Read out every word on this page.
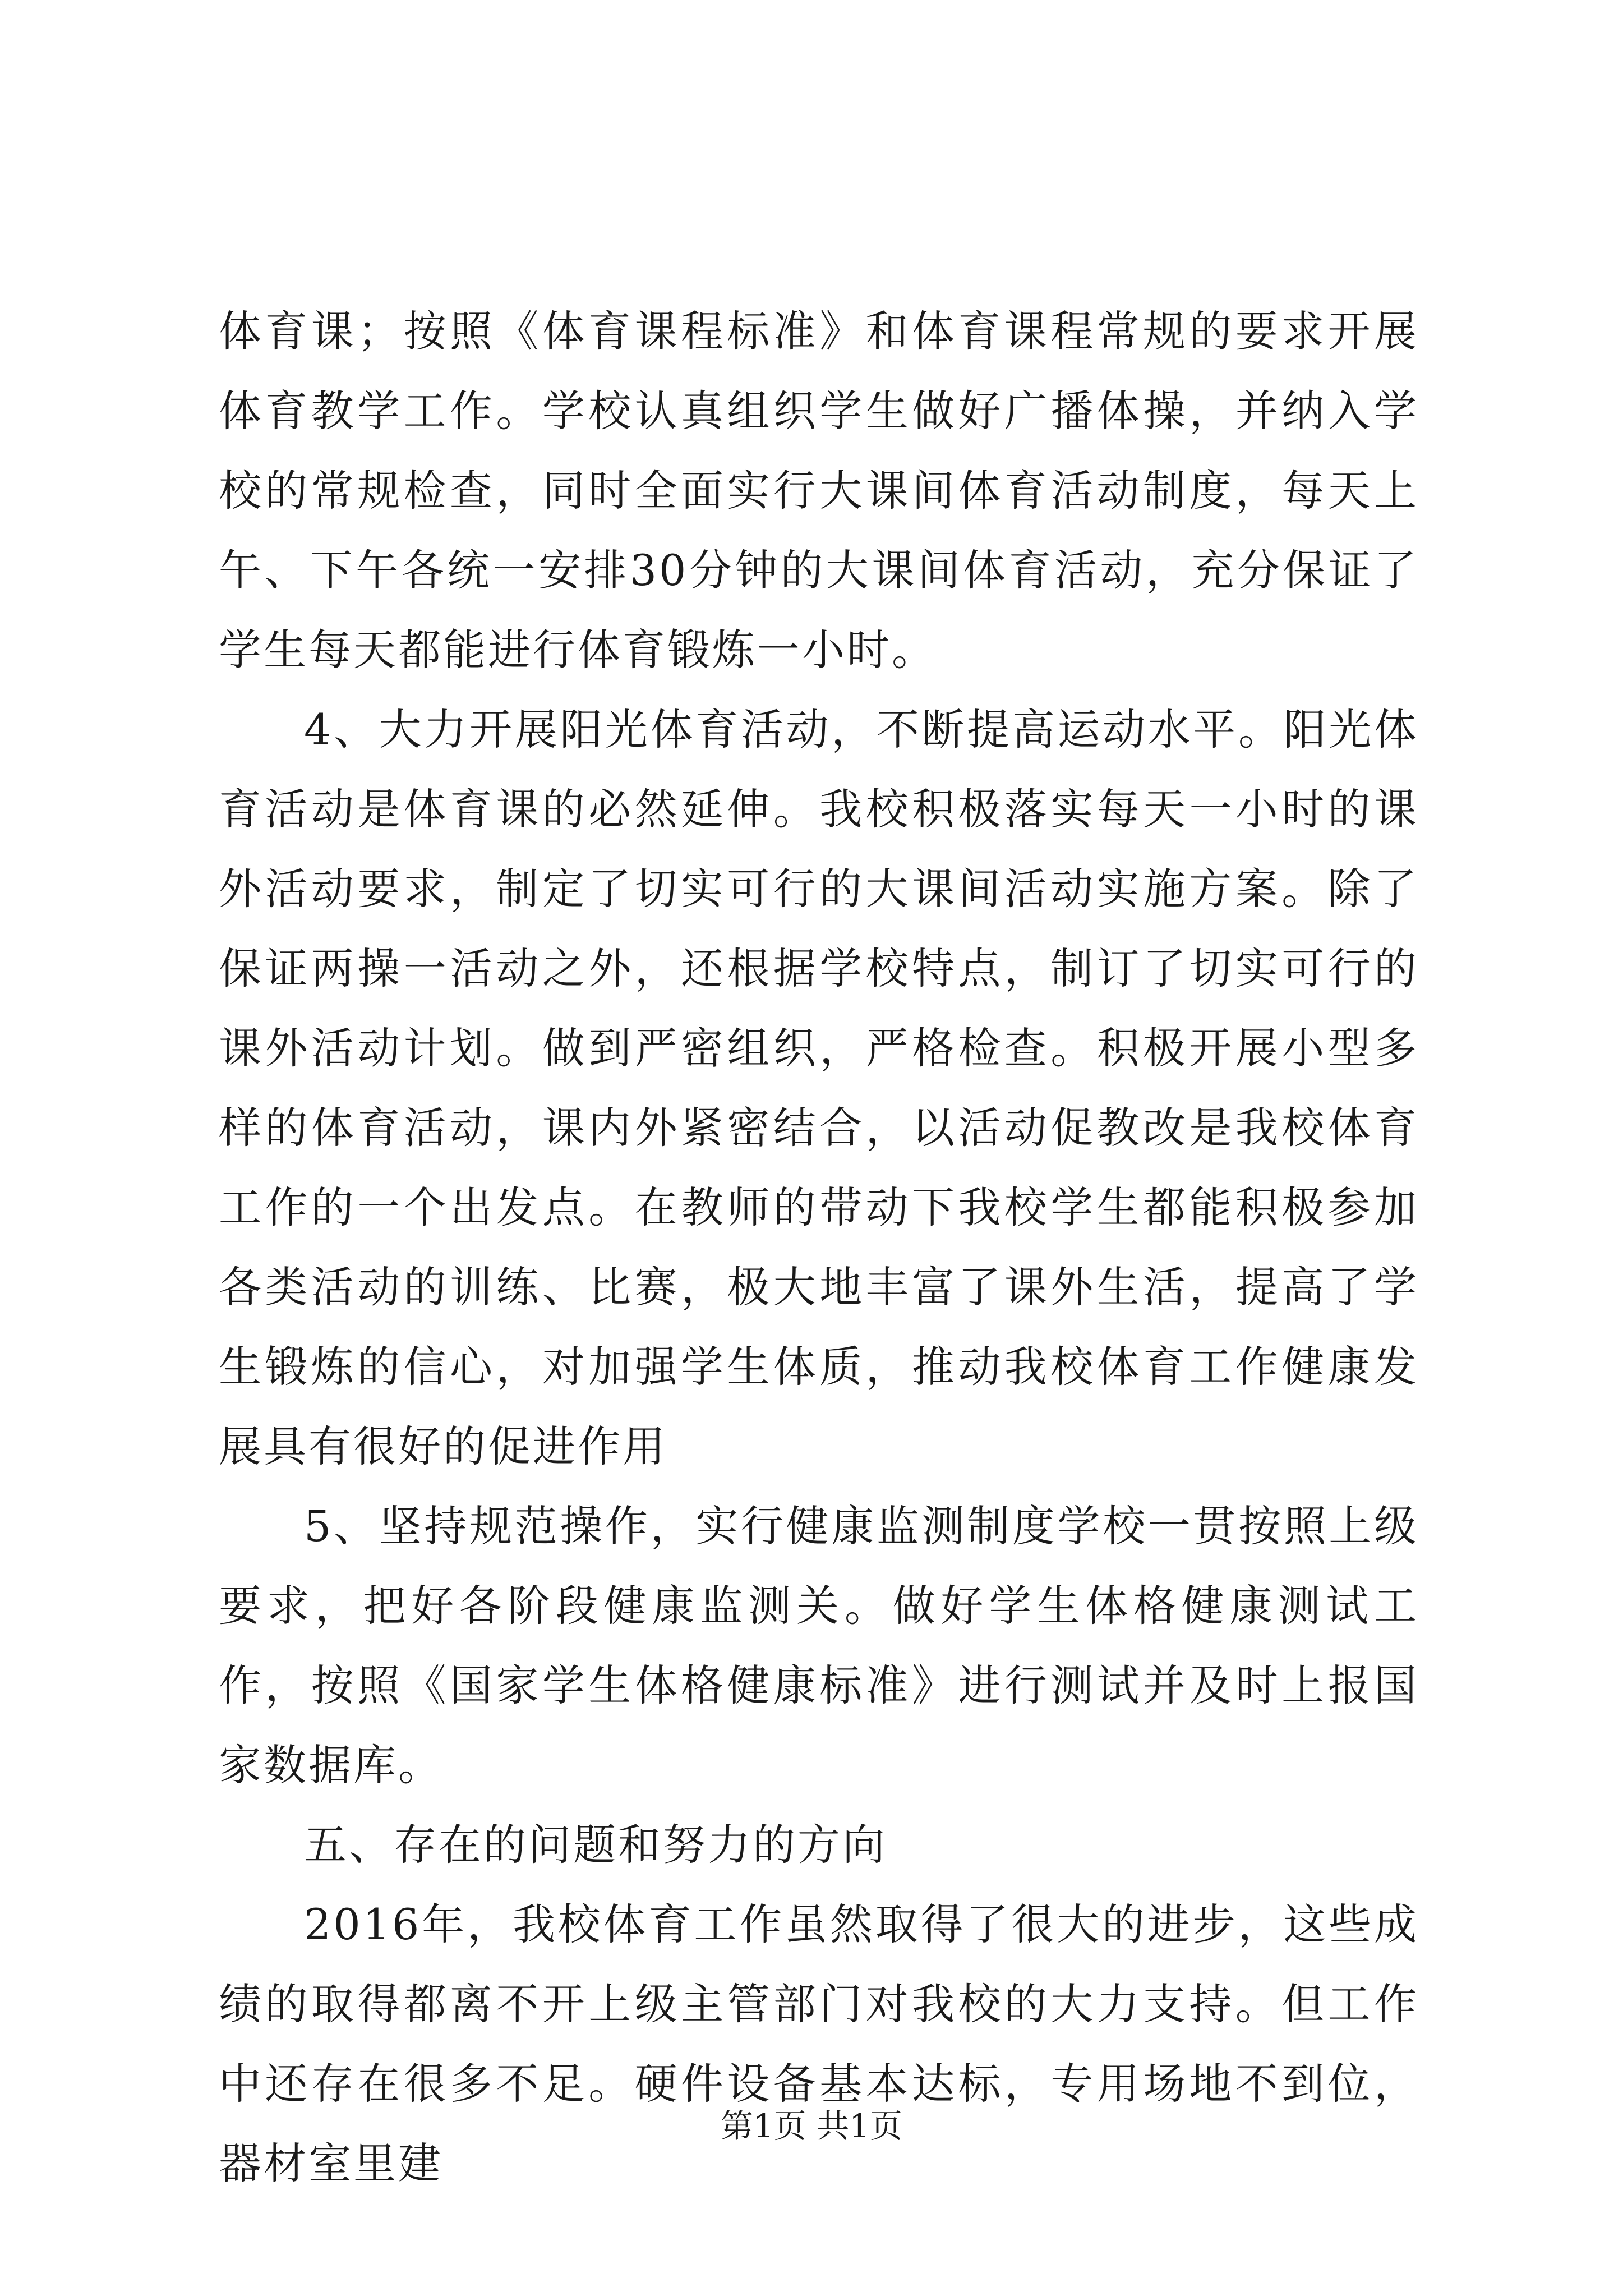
体育课；按照《体育课程标准》和体育课程常规的要求开展体育教学工作。学校认真组织学生做好广播体操，并纳入学校的常规检查，同时全面实行大课间体育活动制度，每天上午、下午各统一安排30分钟的大课间体育活动，充分保证了学生每天都能进行体育锻炼一小时。

4、大力开展阳光体育活动，不断提高运动水平。阳光体育活动是体育课的必然延伸。我校积极落实每天一小时的课外活动要求，制定了切实可行的大课间活动实施方案。除了保证两操一活动之外，还根据学校特点，制订了切实可行的课外活动计划。做到严密组织，严格检查。积极开展小型多样的体育活动，课内外紧密结合，以活动促教改是我校体育工作的一个出发点。在教师的带动下我校学生都能积极参加各类活动的训练、比赛，极大地丰富了课外生活，提高了学生锻炼的信心，对加强学生体质，推动我校体育工作健康发展具有很好的促进作用

5、坚持规范操作，实行健康监测制度学校一贯按照上级要求，把好各阶段健康监测关。做好学生体格健康测试工作，按照《国家学生体格健康标准》进行测试并及时上报国家数据库。

五、存在的问题和努力的方向

2016年，我校体育工作虽然取得了很大的进步，这些成绩的取得都离不开上级主管部门对我校的大力支持。但工作中还存在很多不足。硬件设备基本达标，专用场地不到位，器材室里建

第1页 共1页
